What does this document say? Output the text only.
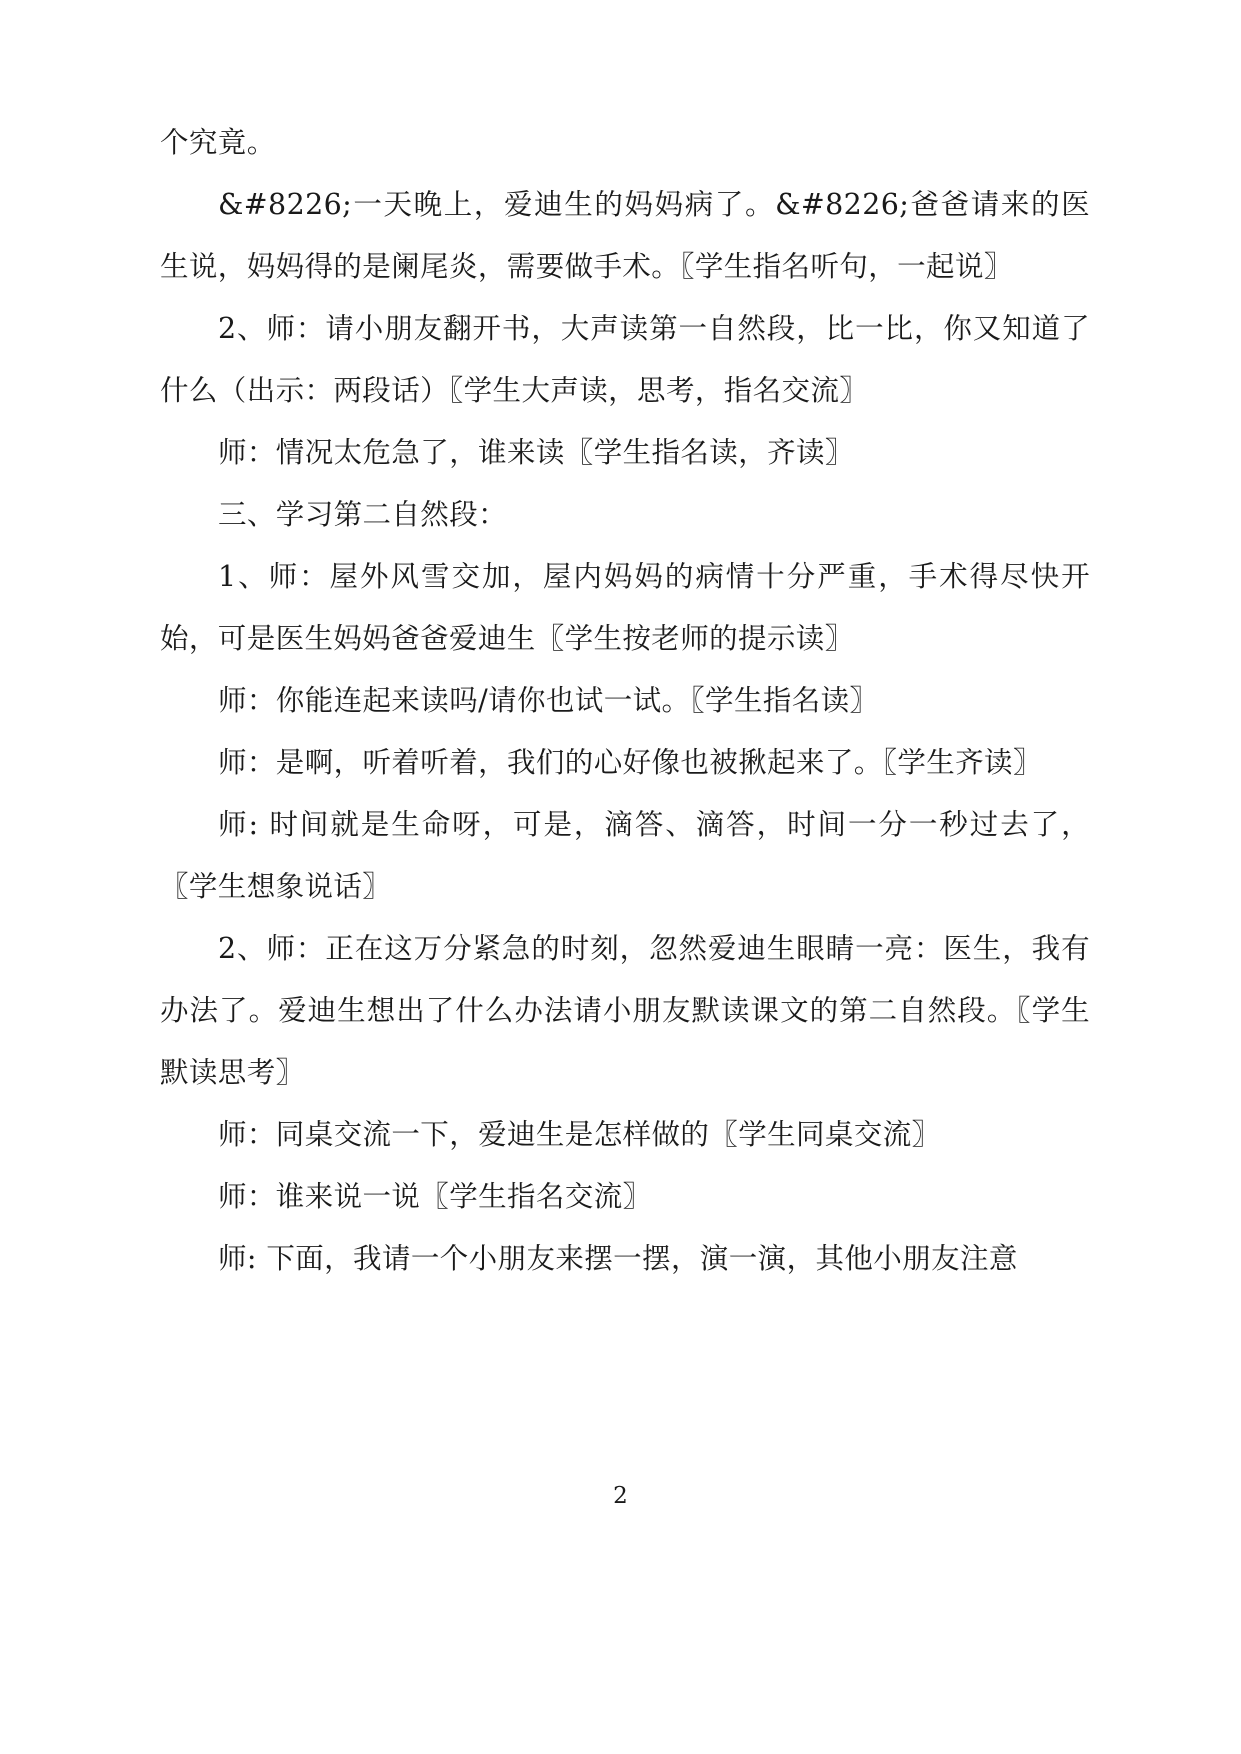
个究竟。

&#8226;一天晚上，爱迪生的妈妈病了。&#8226;爸爸请来的医生说，妈妈得的是阑尾炎，需要做手术。〖学生指名听句，一起说〗

2、师：请小朋友翻开书，大声读第一自然段，比一比，你又知道了什么（出示：两段话）〖学生大声读，思考，指名交流〗

师：情况太危急了，谁来读〖学生指名读，齐读〗

三、学习第二自然段：

1、师：屋外风雪交加，屋内妈妈的病情十分严重，手术得尽快开始，可是医生妈妈爸爸爱迪生〖学生按老师的提示读〗

师：你能连起来读吗/请你也试一试。〖学生指名读〗

师：是啊，听着听着，我们的心好像也被揪起来了。〖学生齐读〗

师: 时间就是生命呀，可是，滴答、滴答，时间一分一秒过去了，〖学生想象说话〗

2、师：正在这万分紧急的时刻，忽然爱迪生眼睛一亮：医生，我有办法了。爱迪生想出了什么办法请小朋友默读课文的第二自然段。〖学生默读思考〗

师：同桌交流一下，爱迪生是怎样做的〖学生同桌交流〗

师：谁来说一说〖学生指名交流〗

师: 下面，我请一个小朋友来摆一摆，演一演，其他小朋友注意

2
